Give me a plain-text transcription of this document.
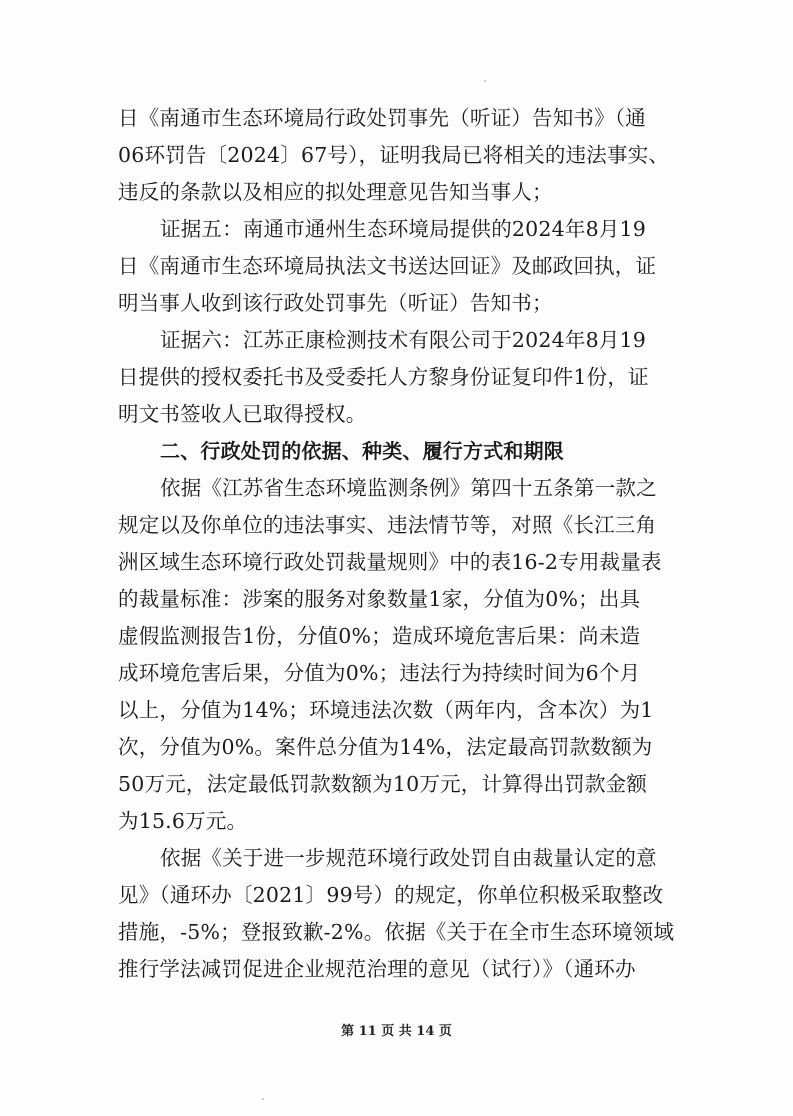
日《南通市生态环境局行政处罚事先（听证）告知书》（通
06环罚告〔2024〕67号），证明我局已将相关的违法事实、
违反的条款以及相应的拟处理意见告知当事人；
证据五：南通市通州生态环境局提供的2024年8月19
日《南通市生态环境局执法文书送达回证》及邮政回执，证
明当事人收到该行政处罚事先（听证）告知书；
证据六：江苏正康检测技术有限公司于2024年8月19
日提供的授权委托书及受委托人方黎身份证复印件1份，证
明文书签收人已取得授权。
二、行政处罚的依据、种类、履行方式和期限
依据《江苏省生态环境监测条例》第四十五条第一款之
规定以及你单位的违法事实、违法情节等，对照《长江三角
洲区域生态环境行政处罚裁量规则》中的表16-2专用裁量表
的裁量标准：涉案的服务对象数量1家，分值为0%；出具
虚假监测报告1份，分值0%；造成环境危害后果：尚未造
成环境危害后果，分值为0%；违法行为持续时间为6个月
以上，分值为14%；环境违法次数（两年内，含本次）为1
次，分值为0%。案件总分值为14%，法定最高罚款数额为
50万元，法定最低罚款数额为10万元，计算得出罚款金额
为15.6万元。
依据《关于进一步规范环境行政处罚自由裁量认定的意
见》（通环办〔2021〕99号）的规定，你单位积极采取整改
措施，-5%；登报致歉-2%。依据《关于在全市生态环境领域
推行学法减罚促进企业规范治理的意见（试行）》（通环办
第 11 页 共 14 页
